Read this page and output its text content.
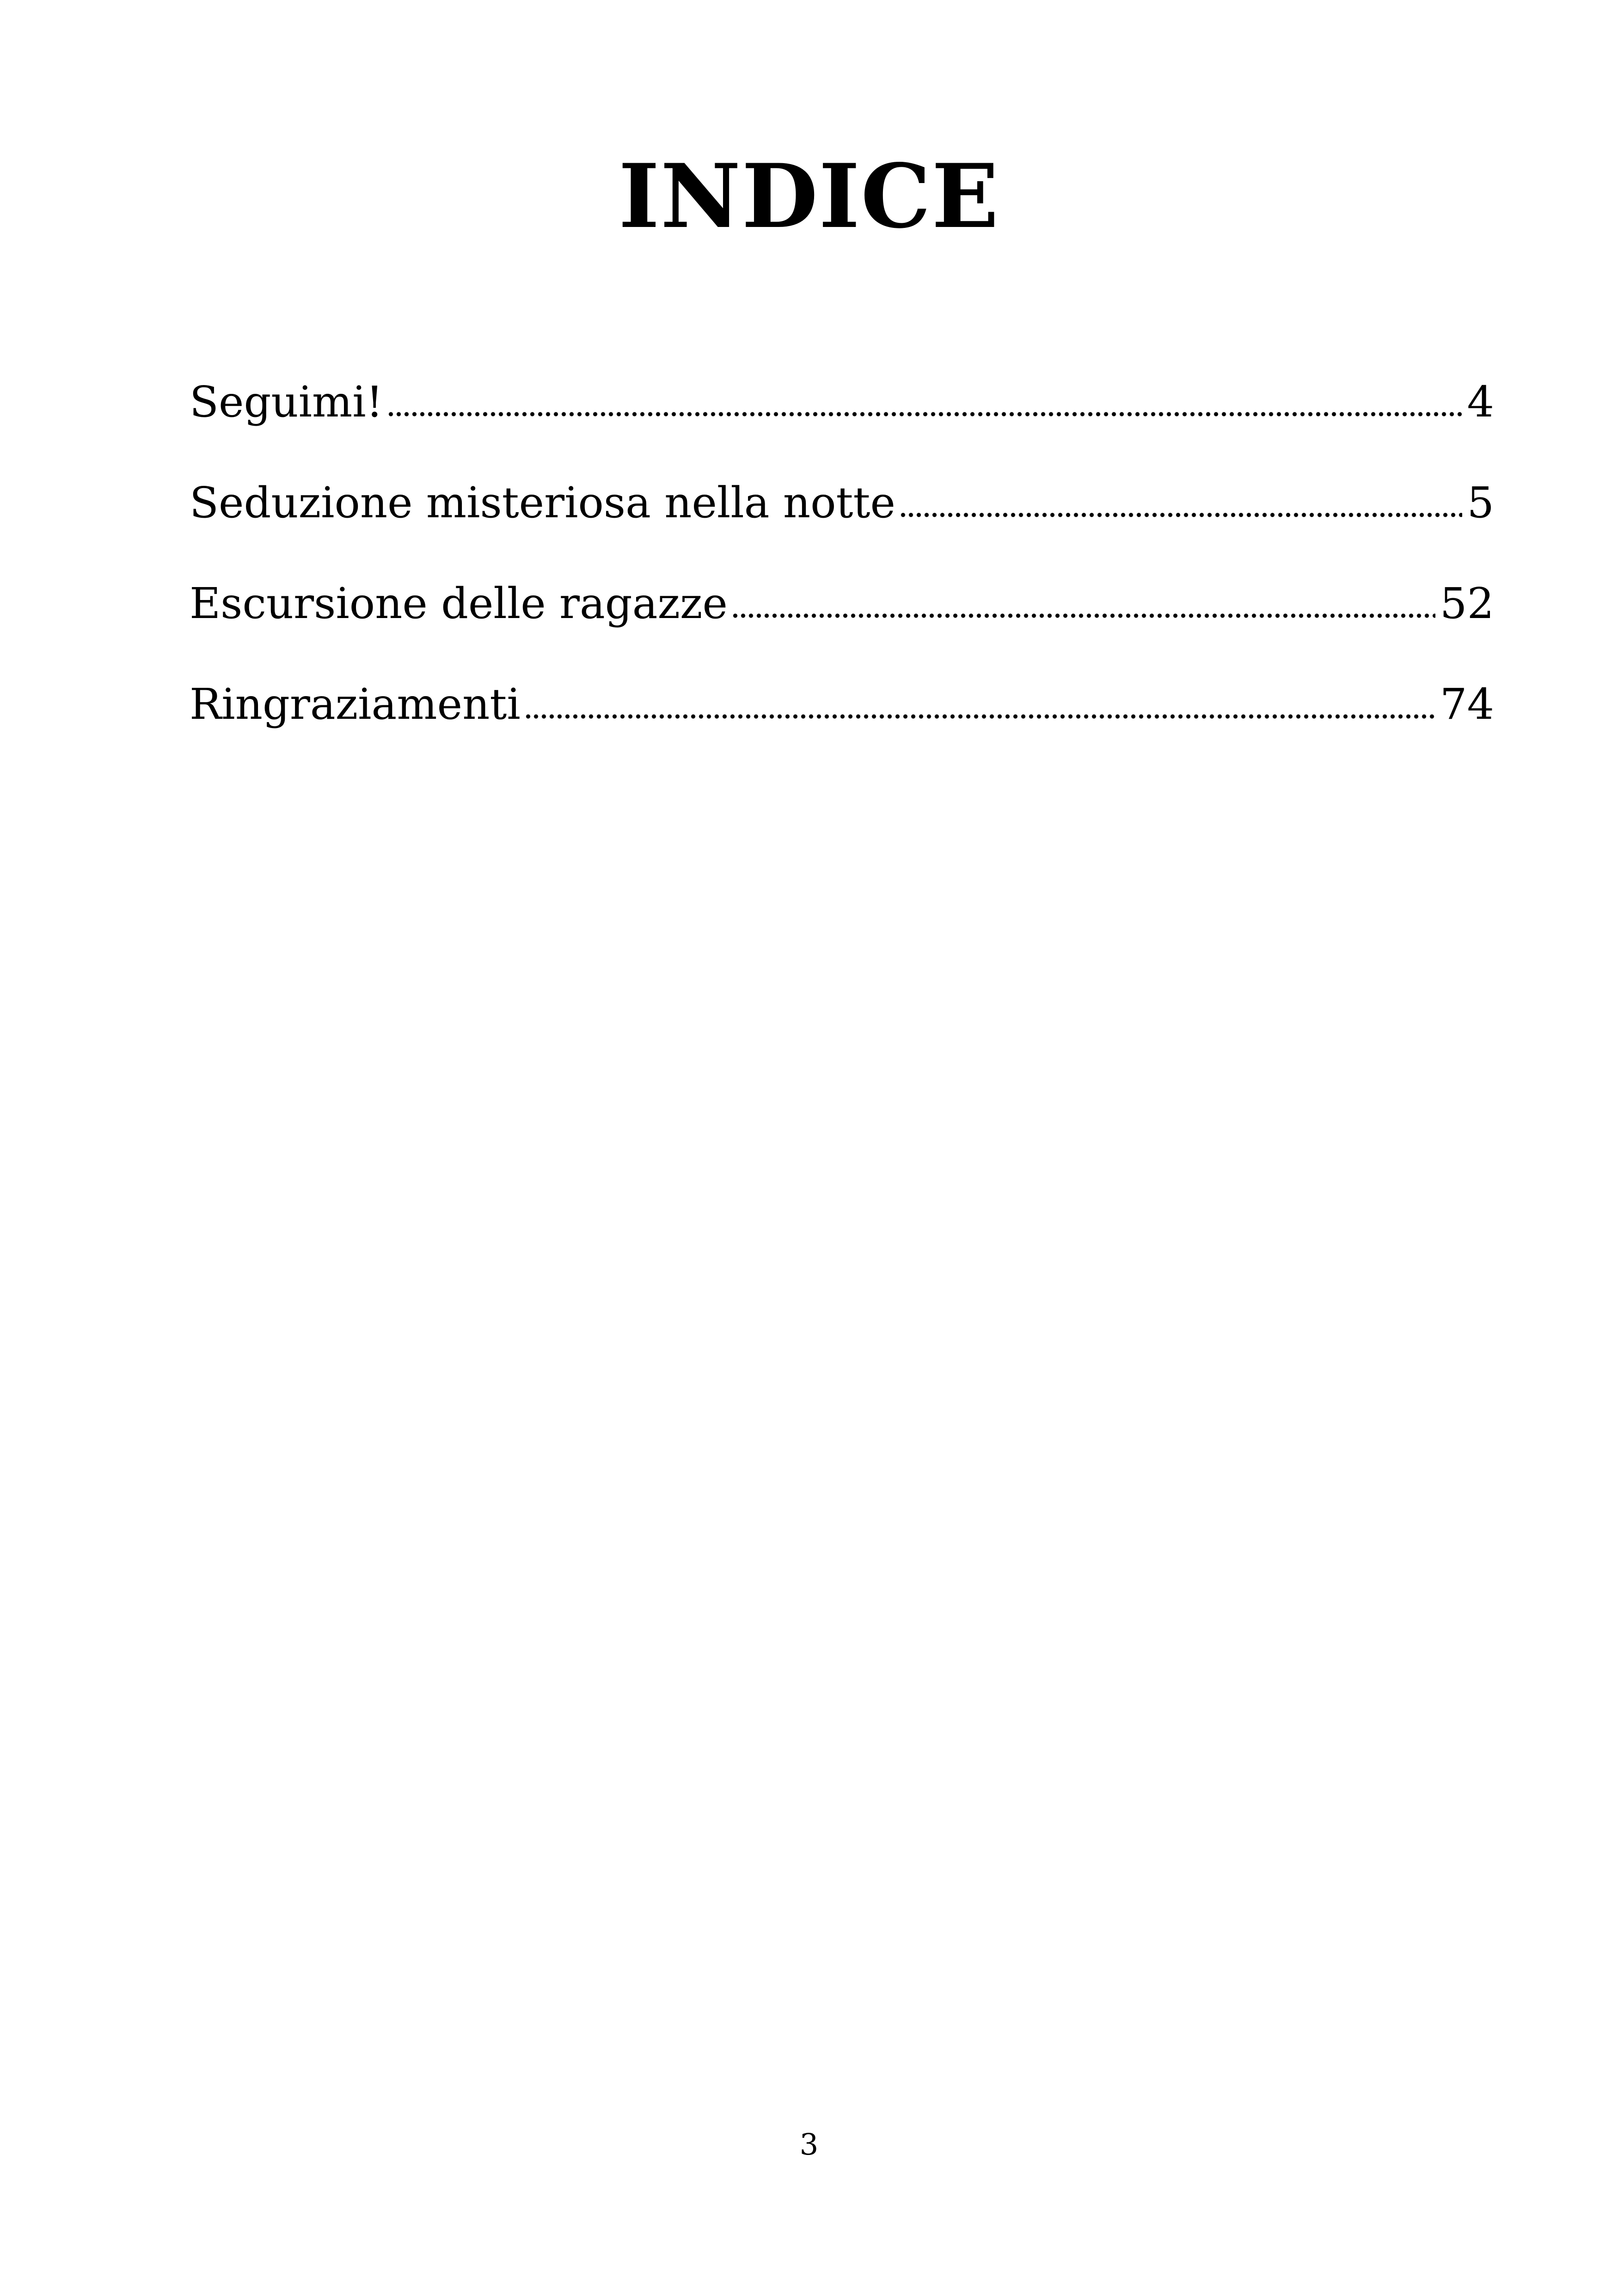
INDICE
Seguimi!	4
Seduzione misteriosa nella notte	5
Escursione delle ragazze	52
Ringraziamenti	74
3
